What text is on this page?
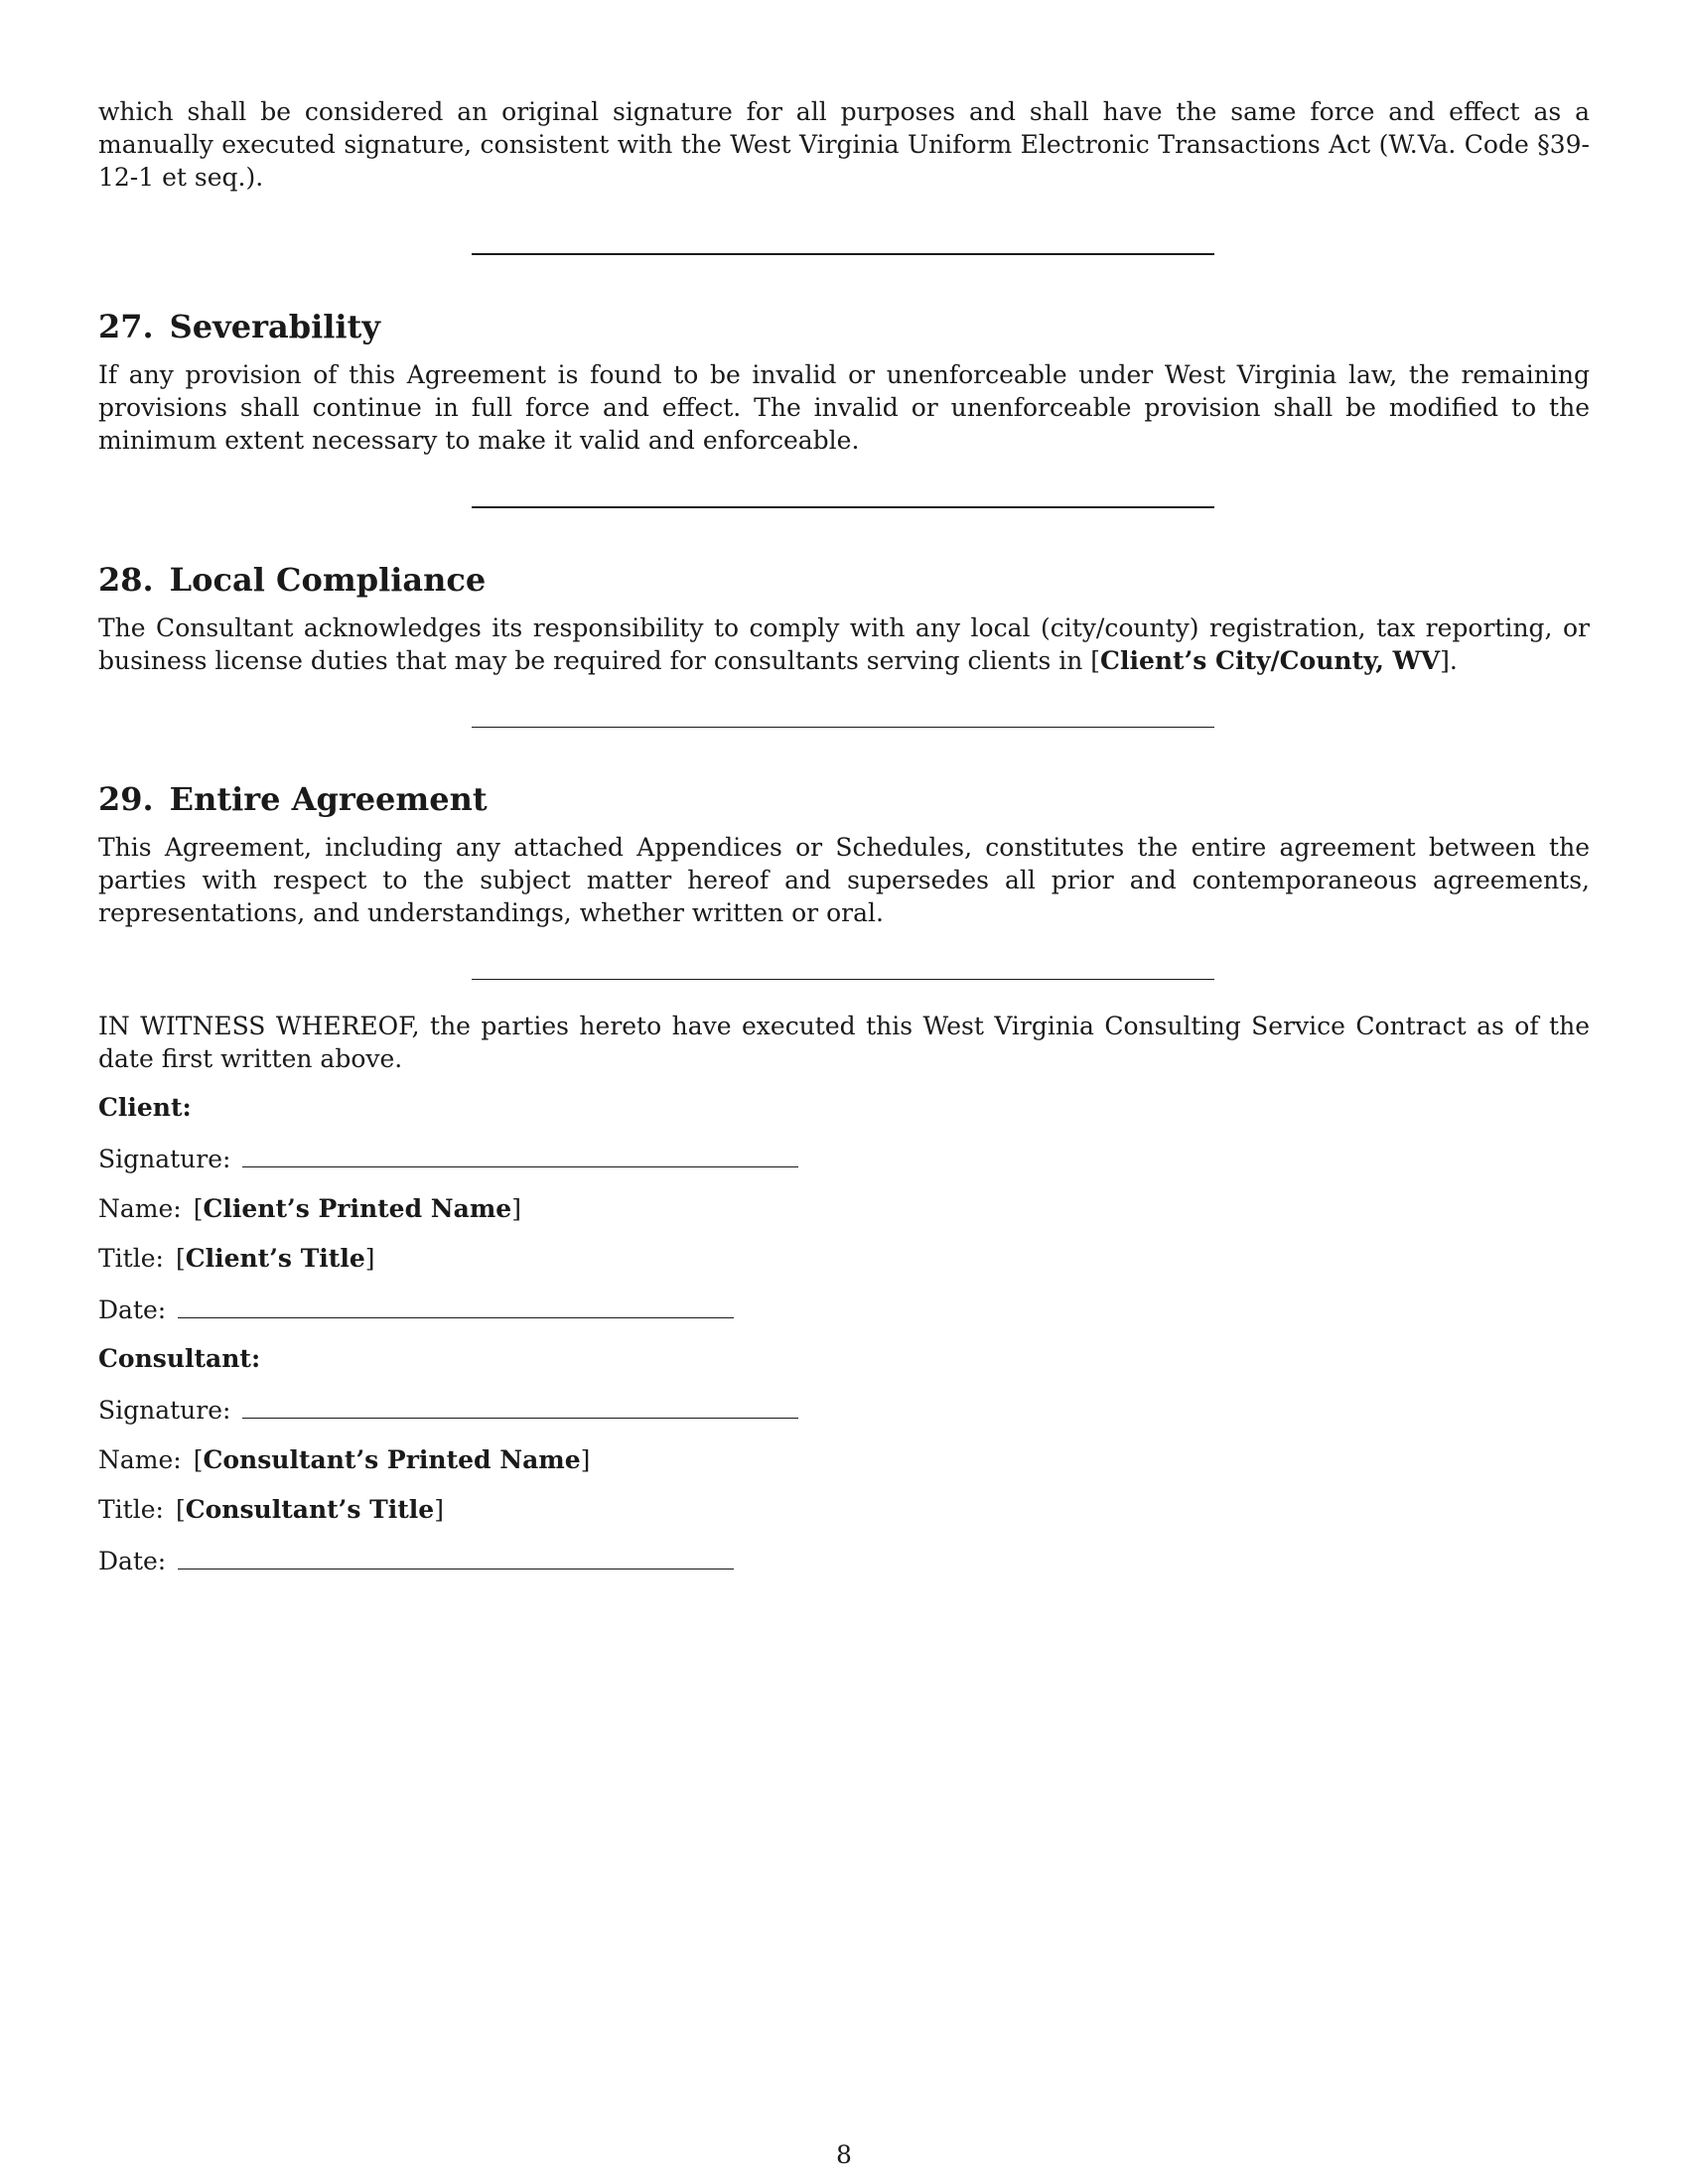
which shall be considered an original signature for all purposes and shall have the same force and effect as a manually executed signature, consistent with the West Virginia Uniform Electronic Transactions Act (W.Va. Code §39-12-1 et seq.).

27. Severability

If any provision of this Agreement is found to be invalid or unenforceable under West Virginia law, the remaining provisions shall continue in full force and effect. The invalid or unenforceable provision shall be modified to the minimum extent necessary to make it valid and enforceable.

28. Local Compliance

The Consultant acknowledges its responsibility to comply with any local (city/county) registration, tax reporting, or business license duties that may be required for consultants serving clients in [Client’s City/County, WV].

29. Entire Agreement

This Agreement, including any attached Appendices or Schedules, constitutes the entire agreement between the parties with respect to the subject matter hereof and supersedes all prior and contemporaneous agreements, representations, and understandings, whether written or oral.

IN WITNESS WHEREOF, the parties hereto have executed this West Virginia Consulting Service Contract as of the date first written above.

Client:
Signature:
Name: [Client’s Printed Name]
Title: [Client’s Title]
Date:
Consultant:
Signature:
Name: [Consultant’s Printed Name]
Title: [Consultant’s Title]
Date:
8
